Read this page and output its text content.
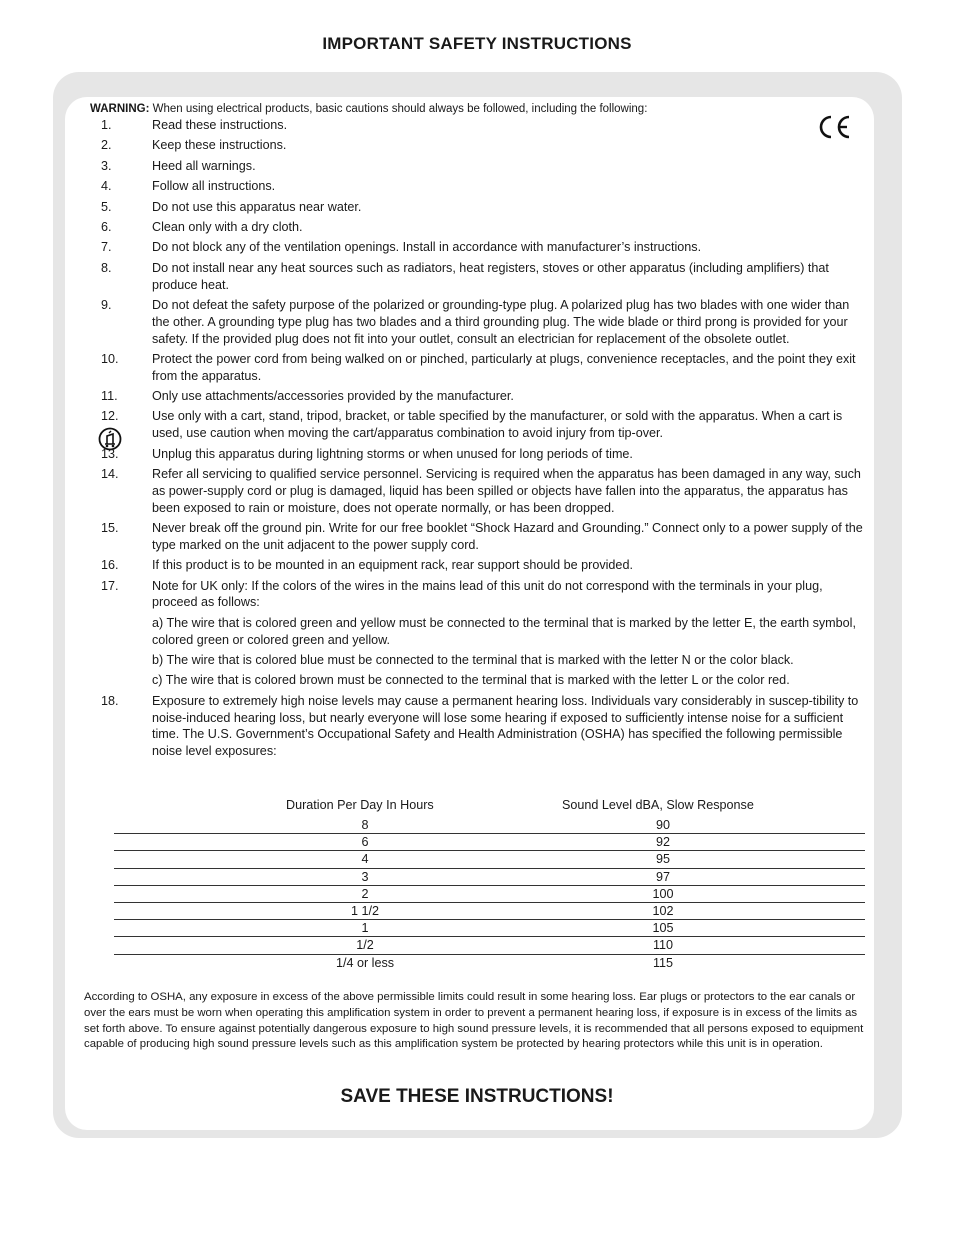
IMPORTANT SAFETY INSTRUCTIONS
WARNING: When using electrical products, basic cautions should always be followed, including the following:
1.	Read these instructions.
2.	Keep these instructions.
3.	Heed all warnings.
4.	Follow all instructions.
5.	Do not use this apparatus near water.
6.	Clean only with a dry cloth.
7.	Do not block any of the ventilation openings. Install in accordance with manufacturer’s instructions.
8.	Do not install near any heat sources such as radiators, heat registers, stoves or other apparatus (including amplifiers) that produce heat.
9.	Do not defeat the safety purpose of the polarized or grounding-type plug. A polarized plug has two blades with one wider than the other. A grounding type plug has two blades and a third grounding plug. The wide blade or third prong is provided for your safety. If the provided plug does not fit into your outlet, consult an electrician for replacement of the obsolete outlet.
10.	Protect the power cord from being walked on or pinched, particularly at plugs, convenience receptacles, and the point they exit from the apparatus.
11.	Only use attachments/accessories provided by the manufacturer.
12.	Use only with a cart, stand, tripod, bracket, or table specified by the manufacturer, or sold with the apparatus. When a cart is used, use caution when moving the cart/apparatus combination to avoid injury from tip-over.
13.	Unplug this apparatus during lightning storms or when unused for long periods of time.
14.	Refer all servicing to qualified service personnel. Servicing is required when the apparatus has been damaged in any way, such as power-supply cord or plug is damaged, liquid has been spilled or objects have fallen into the apparatus, the apparatus has been exposed to rain or moisture, does not operate normally, or has been dropped.
15.	Never break off the ground pin. Write for our free booklet “Shock Hazard and Grounding.” Connect only to a power supply of the type marked on the unit adjacent to the power supply cord.
16.	If this product is to be mounted in an equipment rack, rear support should be provided.
17.	Note for UK only: If the colors of the wires in the mains lead of this unit do not correspond with the terminals in your plug, proceed as follows:
a) The wire that is colored green and yellow must be connected to the terminal that is marked by the letter E, the earth symbol, colored green or colored green and yellow.
b) The wire that is colored blue must be connected to the terminal that is marked with the letter N or the color black.
c) The wire that is colored brown must be connected to the terminal that is marked with the letter L or the color red.
18.	Exposure to extremely high noise levels may cause a permanent hearing loss. Individuals vary considerably in suscep-tibility to noise-induced hearing loss, but nearly everyone will lose some hearing if exposed to sufficiently intense noise for a sufficient time. The U.S. Government’s Occupational Safety and Health Administration (OSHA) has specified the following permissible noise level exposures:
Duration Per Day In Hours	Sound Level dBA, Slow Response
8	90
6	92
4	95
3	97
2	100
1 1/2	102
1	105
1/2	110
1/4 or less	115
According to OSHA, any exposure in excess of the above permissible limits could result in some hearing loss. Ear plugs or protectors to the ear canals or over the ears must be worn when operating this amplification system in order to prevent a permanent hearing loss, if exposure is in excess of the limits as set forth above. To ensure against potentially dangerous exposure to high sound pressure levels, it is recommended that all persons exposed to equipment capable of producing high sound pressure levels such as this amplification system be protected by hearing protectors while this unit is in operation.
SAVE THESE INSTRUCTIONS!
